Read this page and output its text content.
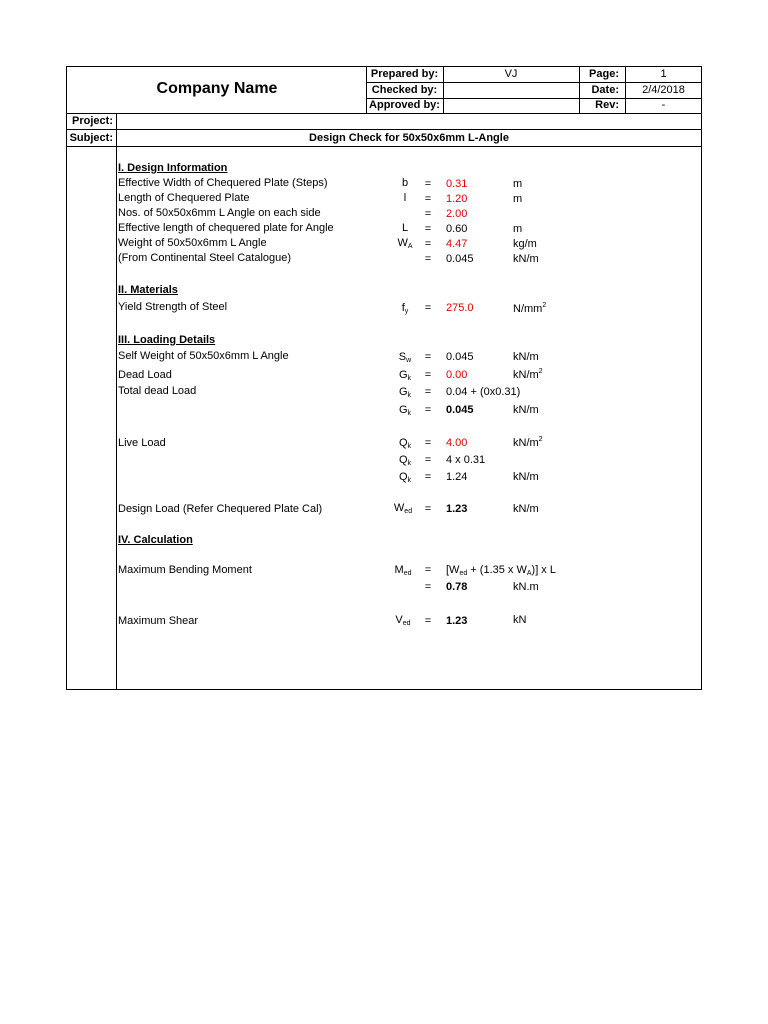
Company Name
Prepared by:	VJ
Checked by:
Approved by:
Page:	1
Date:	2/4/2018
Rev:	-
Project:
Subject:	Design Check for 50x50x6mm L-Angle
I. Design Information
Effective Width of Chequered Plate (Steps)	b	=	0.31	m
Length of Chequered Plate	l	=	1.20	m
Nos. of 50x50x6mm L Angle on each side	=	2.00
Effective length of chequered plate for Angle	L	=	0.60	m
Weight of 50x50x6mm L Angle	$W_A$	=	4.47	kg/m
(From Continental Steel Catalogue)	=	0.045	kN/m
II. Materials
Yield Strength of Steel	$f_y$	=	275.0	$N/mm^2$
III. Loading Details
Self Weight of 50x50x6mm L Angle	$S_w$	=	0.045	kN/m
Dead Load	$G_k$	=	0.00	$kN/m^2$
Total dead Load	$G_k$	=	0.04 + (0x0.31)
$G_k$	=	0.045	kN/m
Live Load	$Q_k$	=	4.00	$kN/m^2$
$Q_k$	=	4 x 0.31
$Q_k$	=	1.24	kN/m
Design Load (Refer Chequered Plate Cal)	$W_{ed}$	=	1.23	kN/m
IV. Calculation
Maximum Bending Moment	$M_{ed}$	=	[$W_{ed} + (1.35$ x $W_A$)] x L
=	0.78	kN.m
Maximum Shear	$V_{ed}$	=	1.23	kN
